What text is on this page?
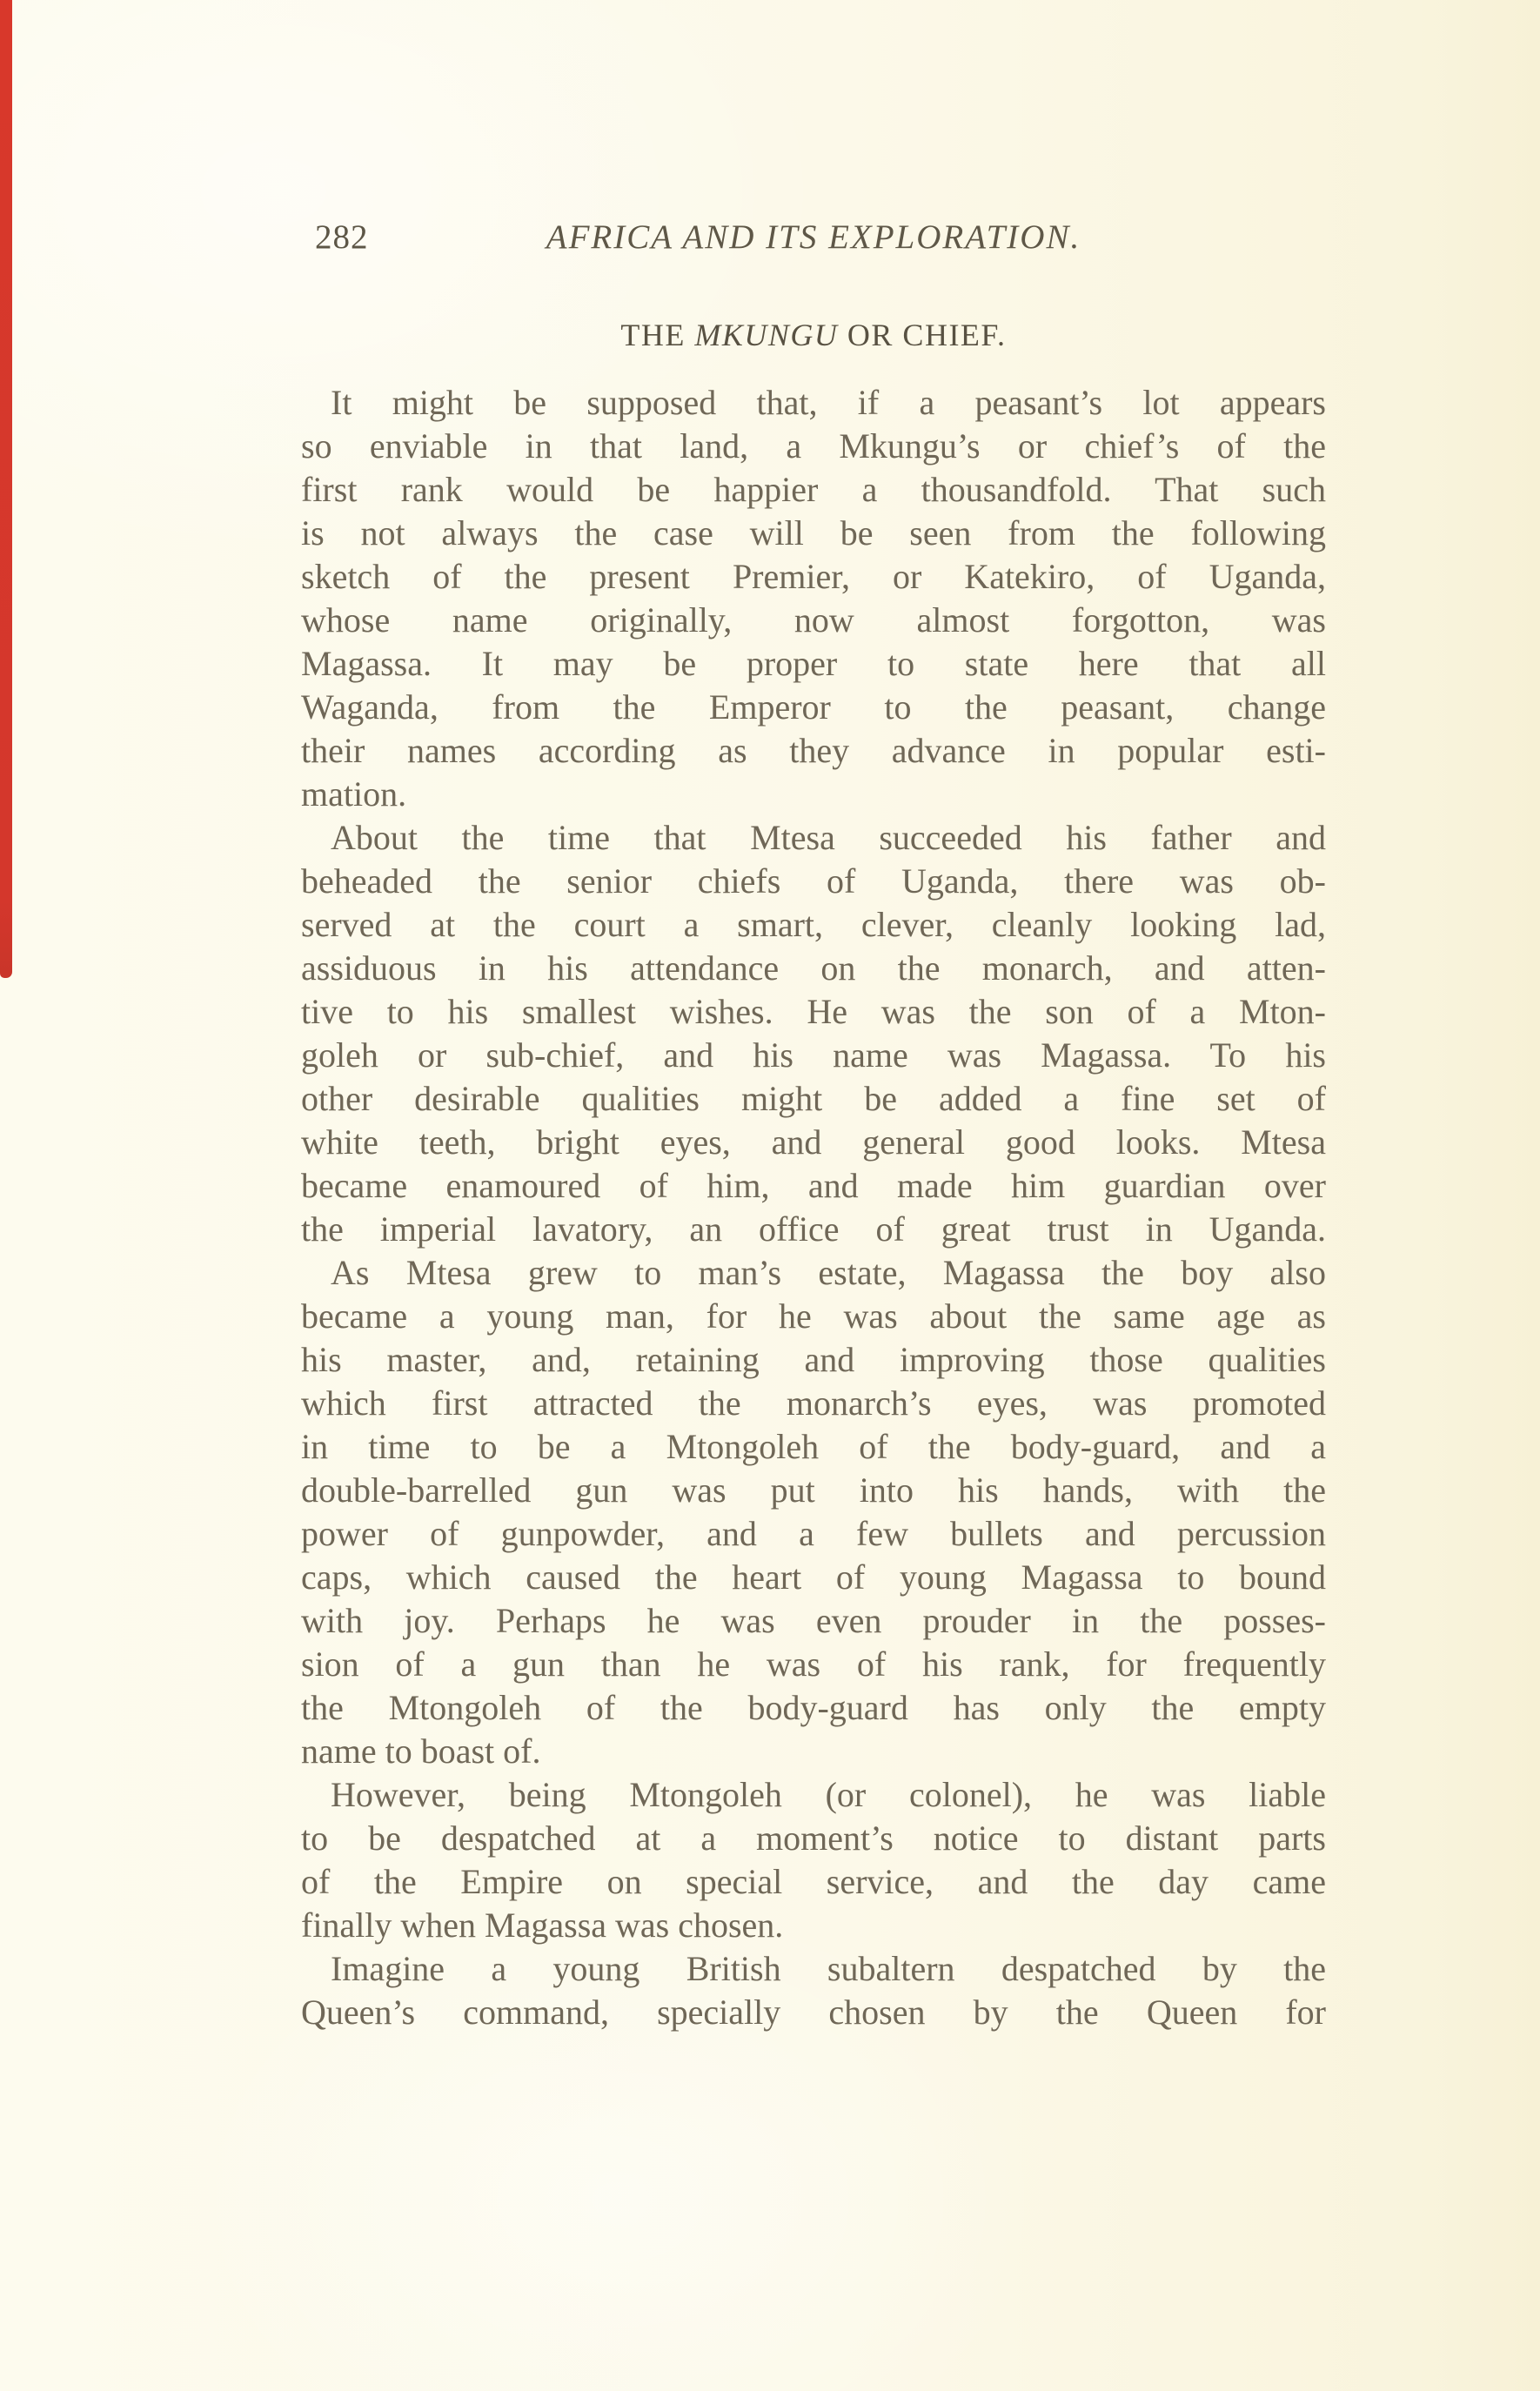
282	AFRICA AND ITS EXPLORATION.
THE MKUNGU OR CHIEF.
It might be supposed that, if a peasant’s lot appears
so enviable in that land, a Mkungu’s or chief’s of the
first rank would be happier a thousandfold. That such
is not always the case will be seen from the following
sketch of the present Premier, or Katekiro, of Uganda,
whose name originally, now almost forgotton, was
Magassa. It may be proper to state here that all
Waganda, from the Emperor to the peasant, change
their names according as they advance in popular esti-
mation.
About the time that Mtesa succeeded his father and
beheaded the senior chiefs of Uganda, there was ob-
served at the court a smart, clever, cleanly looking lad,
assiduous in his attendance on the monarch, and atten-
tive to his smallest wishes. He was the son of a Mton-
goleh or sub-chief, and his name was Magassa. To his
other desirable qualities might be added a fine set of
white teeth, bright eyes, and general good looks. Mtesa
became enamoured of him, and made him guardian over
the imperial lavatory, an office of great trust in Uganda.
As Mtesa grew to man’s estate, Magassa the boy also
became a young man, for he was about the same age as
his master, and, retaining and improving those qualities
which first attracted the monarch’s eyes, was promoted
in time to be a Mtongoleh of the body-guard, and a
double-barrelled gun was put into his hands, with the
power of gunpowder, and a few bullets and percussion
caps, which caused the heart of young Magassa to bound
with joy. Perhaps he was even prouder in the posses-
sion of a gun than he was of his rank, for frequently
the Mtongoleh of the body-guard has only the empty
name to boast of.
However, being Mtongoleh (or colonel), he was liable
to be despatched at a moment’s notice to distant parts
of the Empire on special service, and the day came
finally when Magassa was chosen.
Imagine a young British subaltern despatched by the
Queen’s command, specially chosen by the Queen for
